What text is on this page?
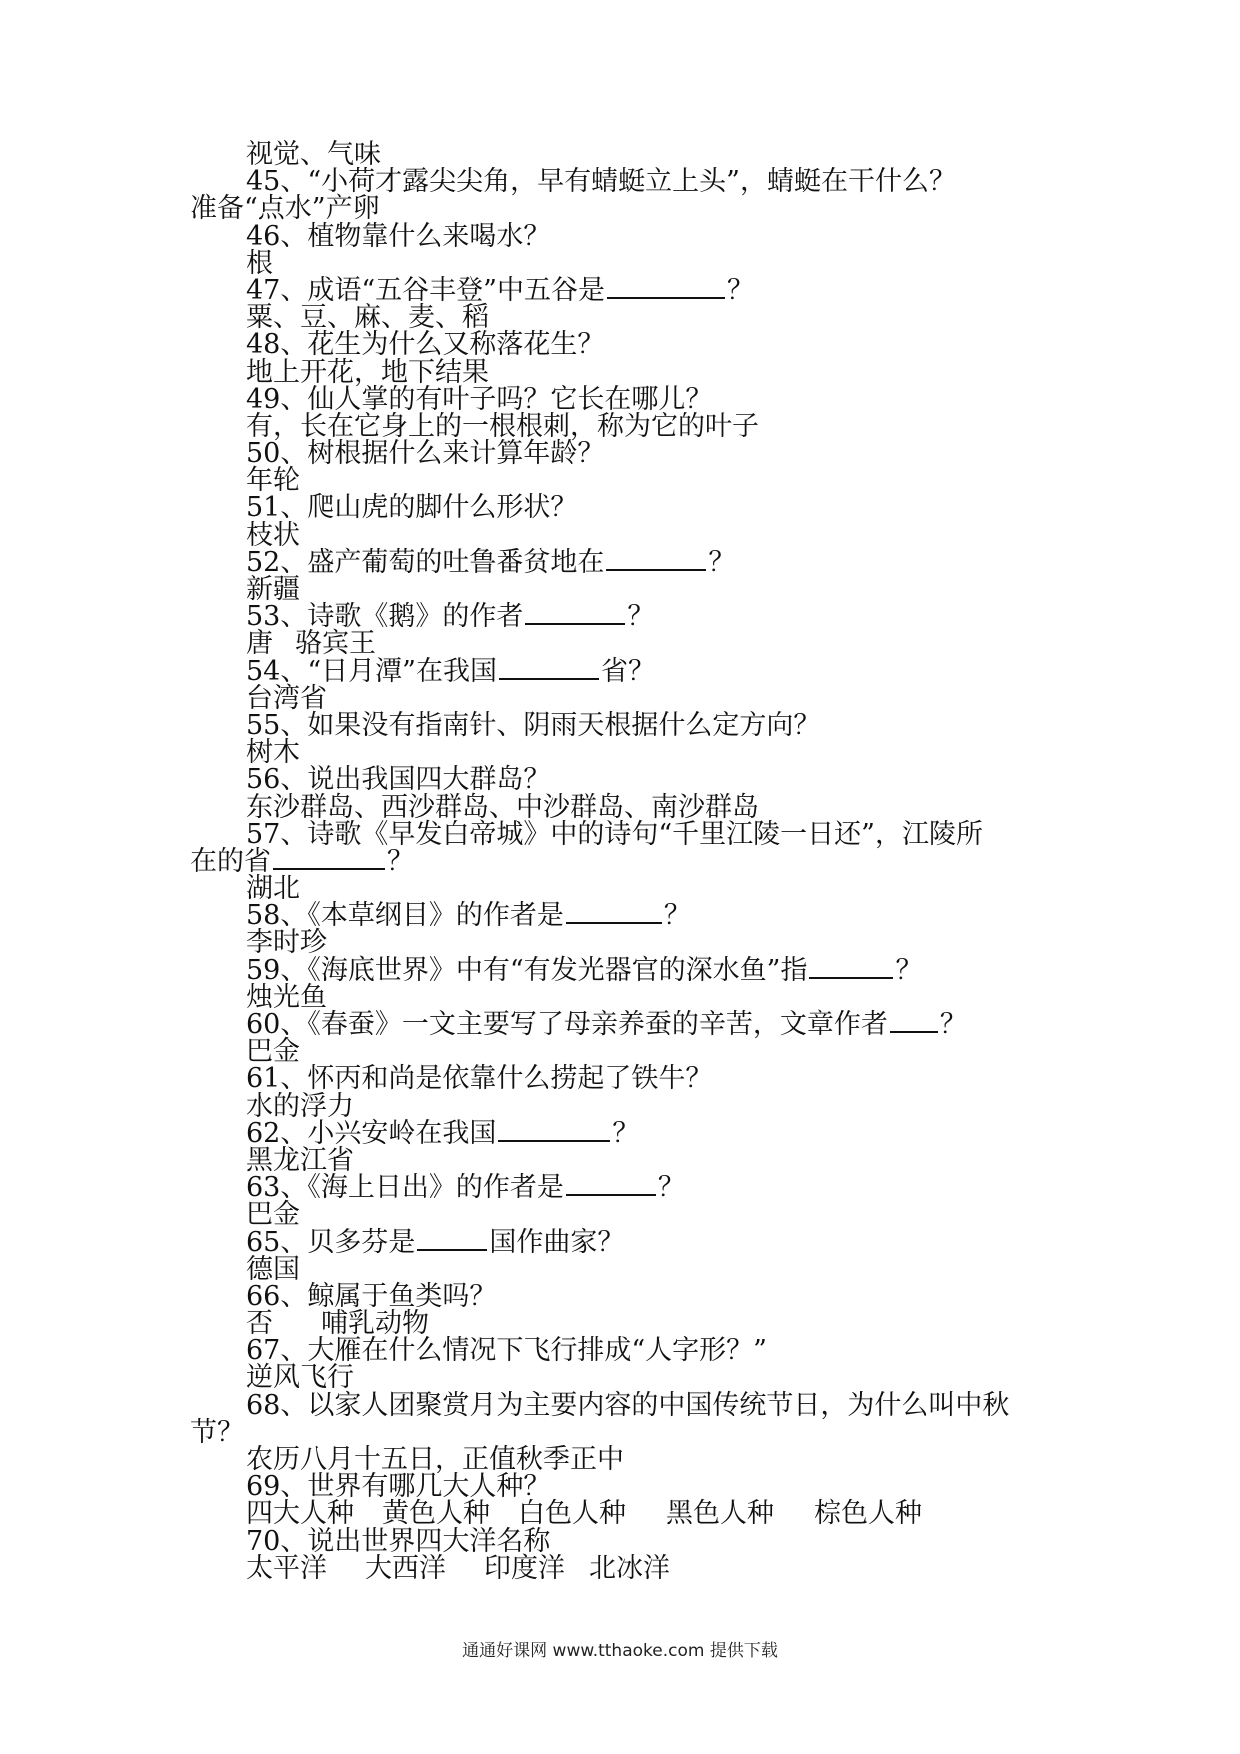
视觉、气味
45、“小荷才露尖尖角，早有蜻蜓立上头”，蜻蜓在干什么？
准备“点水”产卵
46、植物靠什么来喝水？
根
47、成语“五谷丰登”中五谷是	？
粟、豆、麻、麦、稻
48、花生为什么又称落花生？
地上开花，地下结果
49、仙人掌的有叶子吗？它长在哪儿？
有，长在它身上的一根根刺，称为它的叶子
50、树根据什么来计算年龄？
年轮
51、爬山虎的脚什么形状？
枝状
52、盛产葡萄的吐鲁番贫地在	？
新疆
53、诗歌《鹅》的作者	？
唐 骆宾王
54、“日月潭”在我国	省？
台湾省
55、如果没有指南针、阴雨天根据什么定方向？
树木
56、说出我国四大群岛？
东沙群岛、西沙群岛、中沙群岛、南沙群岛
57、诗歌《早发白帝城》中的诗句“千里江陵一日还”，江陵所
在的省	？
湖北
58、《本草纲目》的作者是	？
李时珍
59、《海底世界》中有“有发光器官的深水鱼”指	？
烛光鱼
60、《春蚕》一文主要写了母亲养蚕的辛苦，文章作者 ？
巴金
61、怀丙和尚是依靠什么捞起了铁牛？
水的浮力
62、小兴安岭在我国	？
黑龙江省
63、《海上日出》的作者是	？
巴金
65、贝多芬是	国作曲家？
德国
66、鲸属于鱼类吗？
否 哺乳动物
67、大雁在什么情况下飞行排成“人字形？”
逆风飞行
68、以家人团聚赏月为主要内容的中国传统节日，为什么叫中秋
节？
农历八月十五日，正值秋季正中
69、世界有哪几大人种？
四大人种 黄色人种 白色人种 黑色人种 棕色人种
70、说出世界四大洋名称
太平洋 大西洋 印度洋 北冰洋
通通好课网 www.tthaoke.com 提供下载
